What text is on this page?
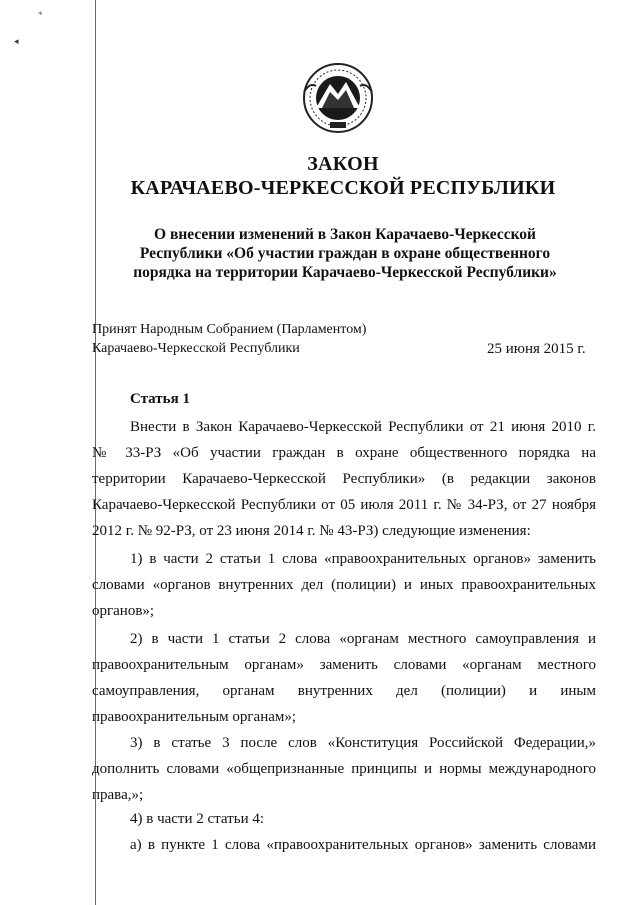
*
◂
ЗАКОН
КАРАЧАЕВО-ЧЕРКЕССКОЙ РЕСПУБЛИКИ
О внесении изменений в Закон Карачаево-Черкесской
Республики «Об участии граждан в охране общественного
порядка на территории Карачаево-Черкесской Республики»
Принят Народным Собранием (Парламентом)
Карачаево-Черкесской Республики	25 июня 2015 г.
Статья 1
Внести в Закон Карачаево-Черкесской Республики от 21 июня 2010 г.
№ 33-РЗ «Об участии граждан в охране общественного порядка на
территории Карачаево-Черкесской Республики» (в редакции законов
Карачаево-Черкесской Республики от 05 июля 2011 г. № 34-РЗ, от 27 ноября
2012 г. № 92-РЗ, от 23 июня 2014 г. № 43-РЗ) следующие изменения:
1) в части 2 статьи 1 слова «правоохранительных органов» заменить
словами «органов внутренних дел (полиции) и иных правоохранительных
органов»;
2) в части 1 статьи 2 слова «органам местного самоуправления и
правоохранительным органам» заменить словами «органам местного
самоуправления, органам внутренних дел (полиции) и иным
правоохранительным органам»;
3) в статье 3 после слов «Конституция Российской Федерации,»
дополнить словами «общепризнанные принципы и нормы международного
права,»;
4) в части 2 статьи 4:
а) в пункте 1 слова «правоохранительных органов» заменить словами
